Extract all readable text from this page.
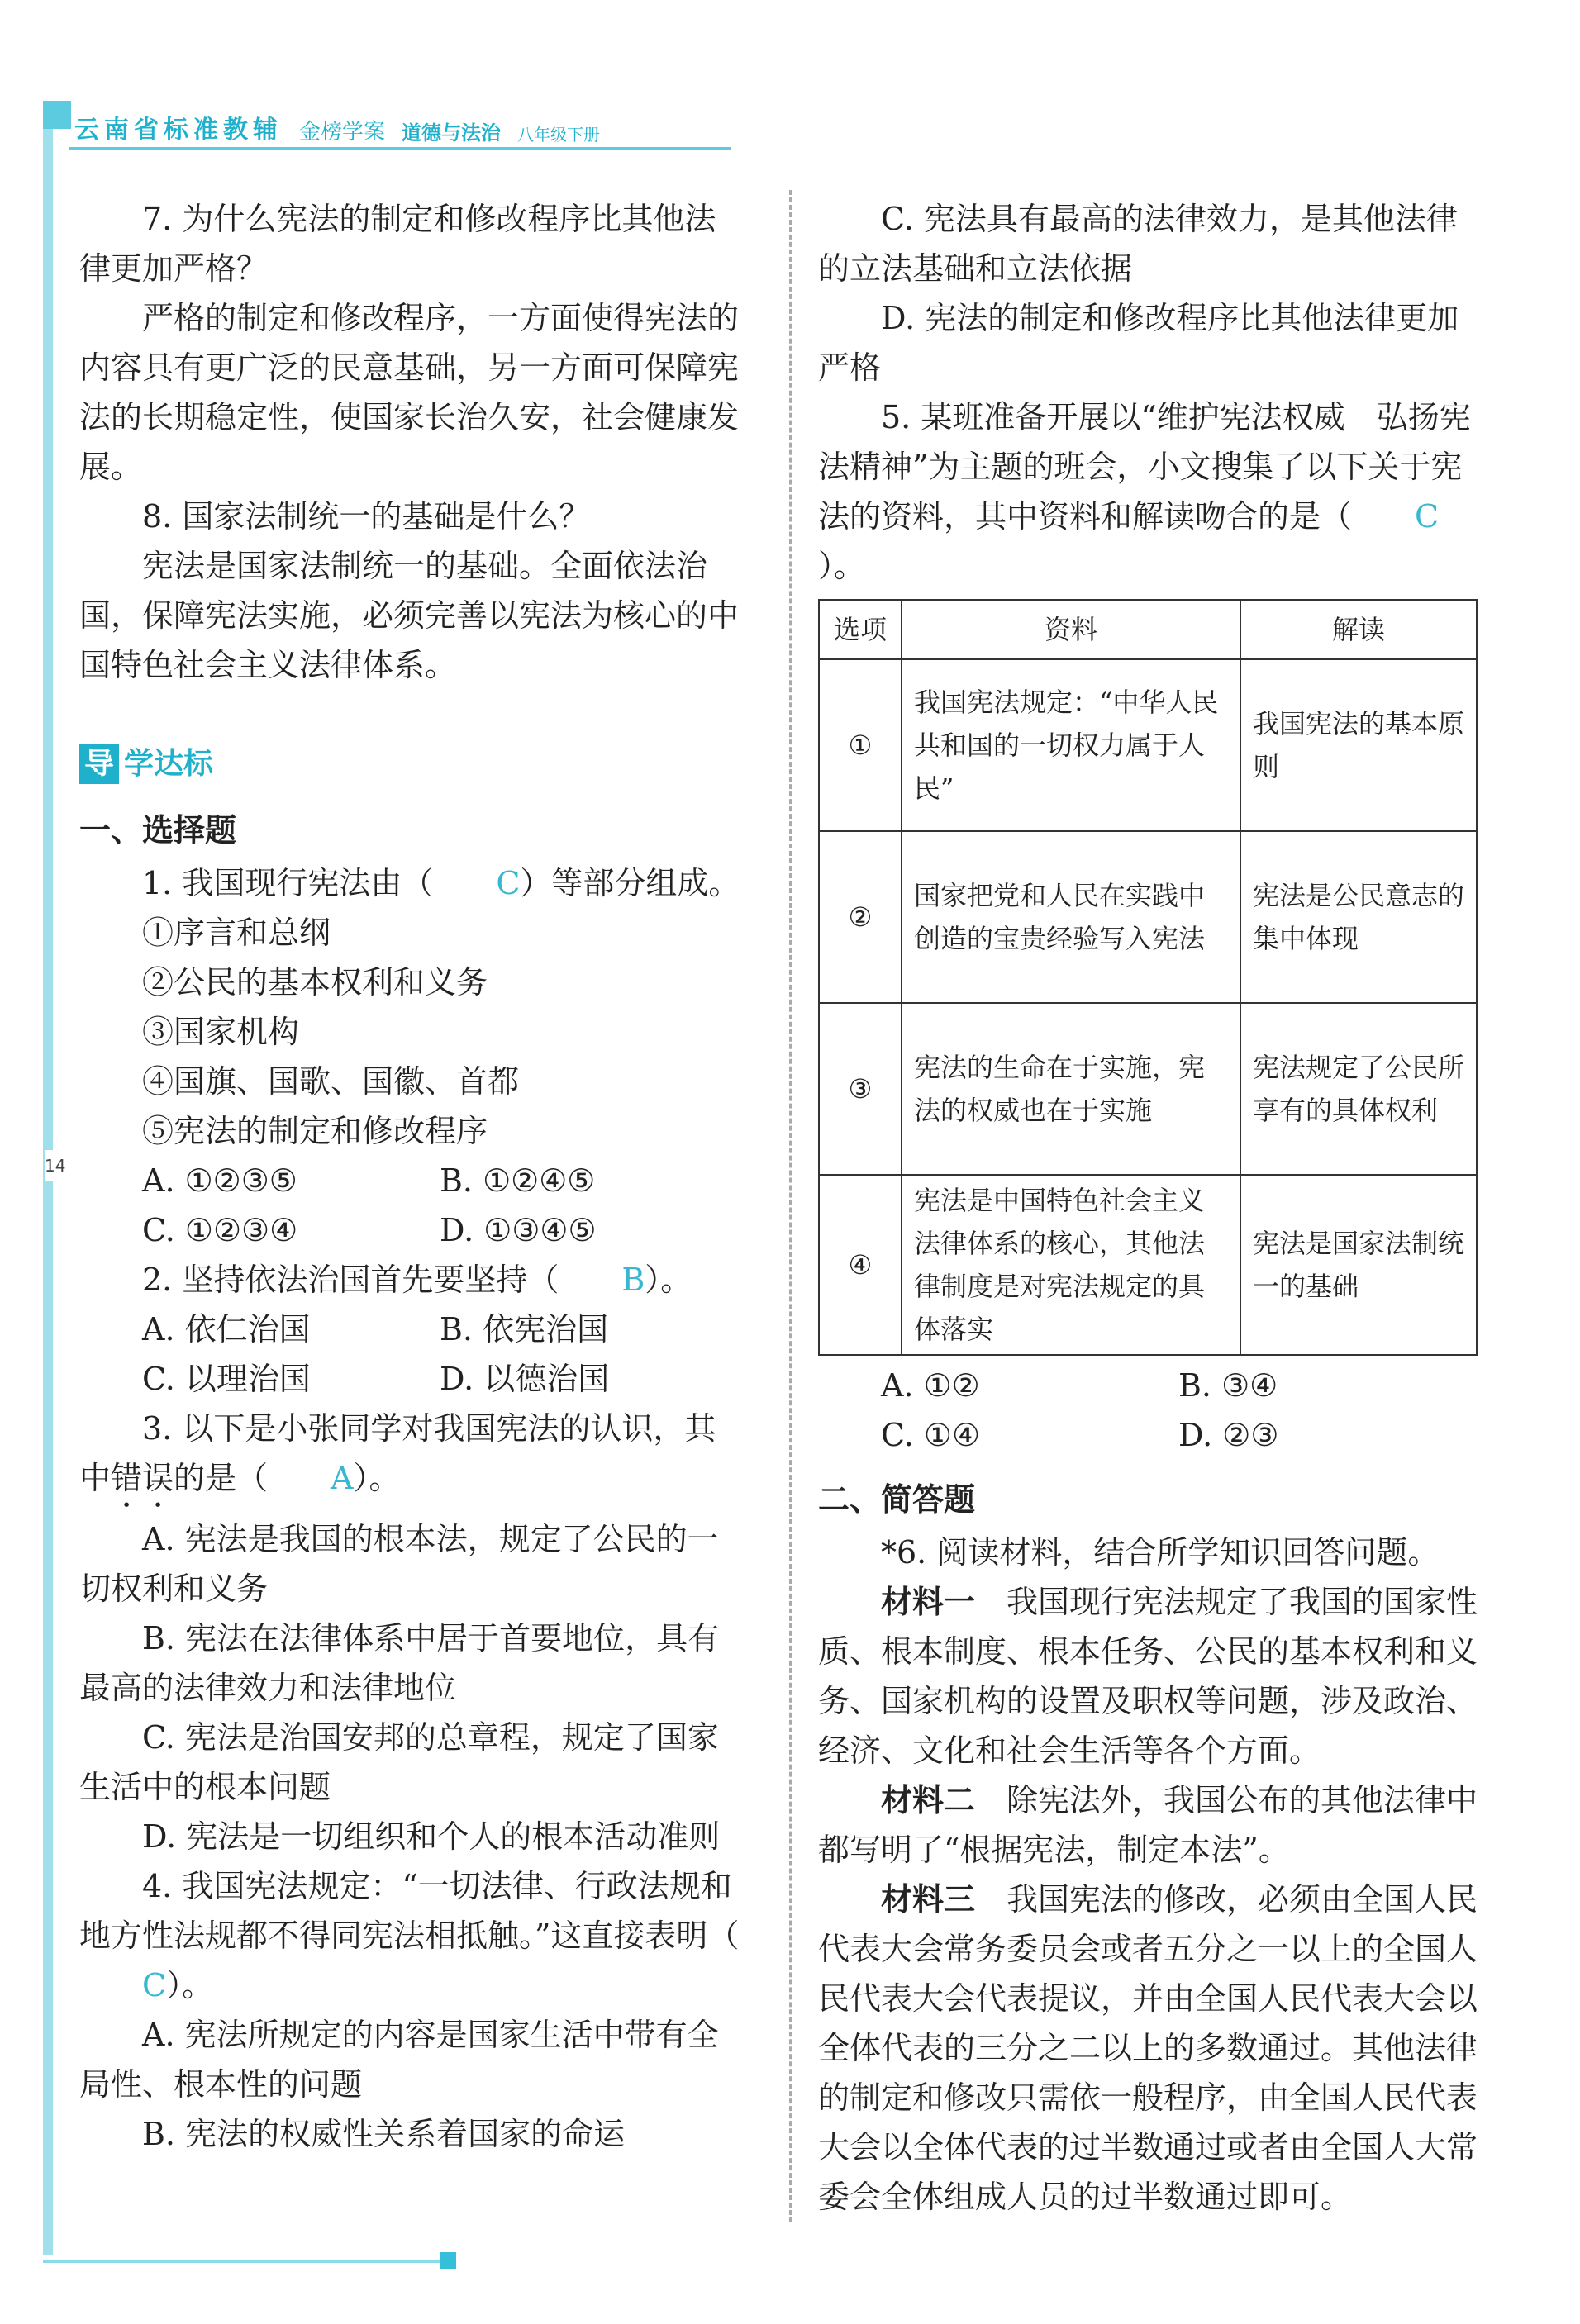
14
云南省标准教辅 金榜学案 道德与法治 八年级下册

7. 为什么宪法的制定和修改程序比其他法律更加严格？

严格的制定和修改程序，一方面使得宪法的内容具有更广泛的民意基础，另一方面可保障宪法的长期稳定性，使国家长治久安，社会健康发展。

8. 国家法制统一的基础是什么？

宪法是国家法制统一的基础。全面依法治国，保障宪法实施，必须完善以宪法为核心的中国特色社会主义法律体系。

导 学达标
一、选择题

1. 我国现行宪法由（ C）等部分组成。

①序言和总纲

②公民的基本权利和义务

③国家机构

④国旗、国歌、国徽、首都

⑤宪法的制定和修改程序

A. ①②③⑤	B. ①②④⑤
C. ①②③④	D. ①③④⑤

2. 坚持依法治国首先要坚持（ B）。

A. 依仁治国	B. 依宪治国
C. 以理治国	D. 以德治国

3. 以下是小张同学对我国宪法的认识，其中错误的是（ A）。

A. 宪法是我国的根本法，规定了公民的一切权利和义务

B. 宪法在法律体系中居于首要地位，具有最高的法律效力和法律地位

C. 宪法是治国安邦的总章程，规定了国家生活中的根本问题

D. 宪法是一切组织和个人的根本活动准则

4. 我国宪法规定：“一切法律、行政法规和地方性法规都不得同宪法相抵触。”这直接表明（C）。

A. 宪法所规定的内容是国家生活中带有全局性、根本性的问题

B. 宪法的权威性关系着国家的命运

C. 宪法具有最高的法律效力，是其他法律的立法基础和立法依据

D. 宪法的制定和修改程序比其他法律更加严格

5. 某班准备开展以“维护宪法权威　弘扬宪法精神”为主题的班会，小文搜集了以下关于宪法的资料，其中资料和解读吻合的是（ C）。

选项	资料	解读
①	我国宪法规定：“中华人民共和国的一切权力属于人民”	我国宪法的基本原则
②	国家把党和人民在实践中创造的宝贵经验写入宪法	宪法是公民意志的集中体现
③	宪法的生命在于实施，宪法的权威也在于实施	宪法规定了公民所享有的具体权利
④	宪法是中国特色社会主义法律体系的核心，其他法律制度是对宪法规定的具体落实	宪法是国家法制统一的基础
A. ①②	B. ③④
C. ①④	D. ②③
二、简答题

*6. 阅读材料，结合所学知识回答问题。

材料一　 我国现行宪法规定了我国的国家性质、根本制度、根本任务、公民的基本权利和义务、国家机构的设置及职权等问题，涉及政治、经济、文化和社会生活等各个方面。

材料二　 除宪法外，我国公布的其他法律中都写明了“根据宪法，制定本法”。

材料三　 我国宪法的修改，必须由全国人民代表大会常务委员会或者五分之一以上的全国人民代表大会代表提议，并由全国人民代表大会以全体代表的三分之二以上的多数通过。其他法律的制定和修改只需依一般程序，由全国人民代表大会以全体代表的过半数通过或者由全国人大常委会全体组成人员的过半数通过即可。
